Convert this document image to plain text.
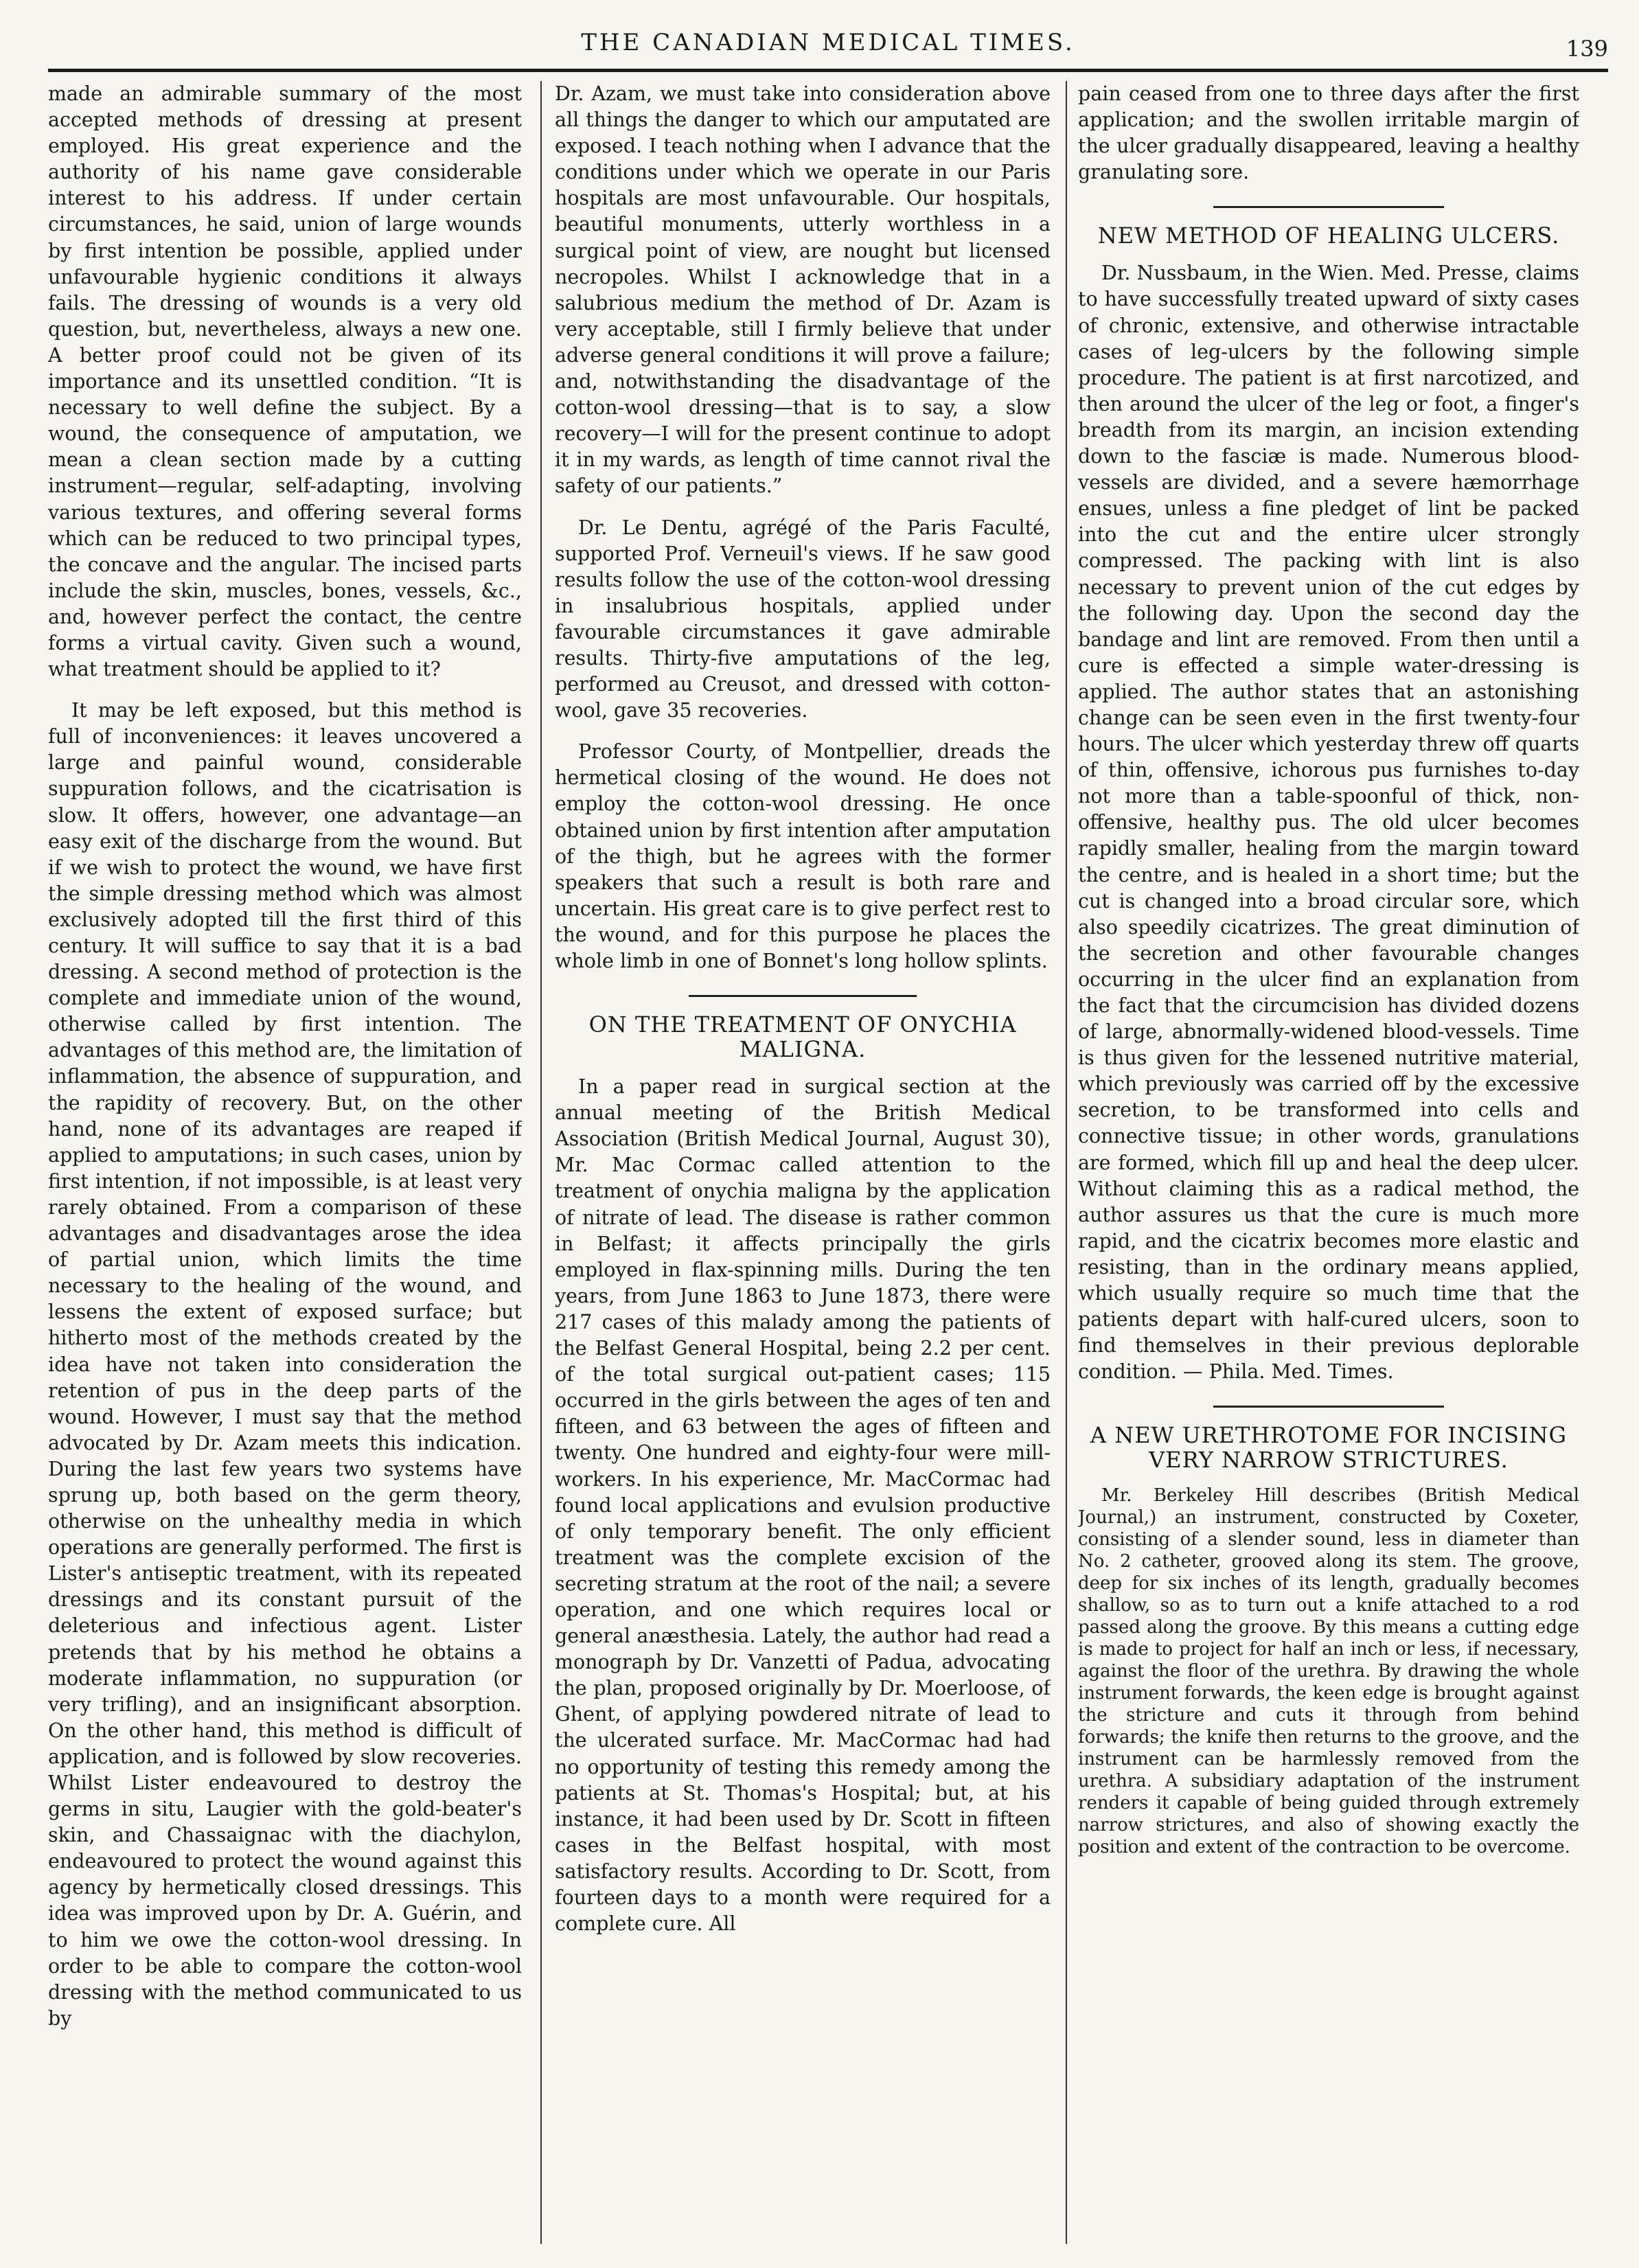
THE CANADIAN MEDICAL TIMES.	139

made an admirable summary of the most accepted methods of dressing at present employed. His great experience and the authority of his name gave considerable interest to his address. If under certain circumstances, he said, union of large wounds by first intention be possible, applied under unfavourable hygienic conditions it always fails. The dressing of wounds is a very old question, but, nevertheless, always a new one. A better proof could not be given of its importance and its unsettled condition. “It is necessary to well define the subject. By a wound, the consequence of amputation, we mean a clean section made by a cutting instrument—regular, self-adapting, involving various textures, and offering several forms which can be reduced to two principal types, the concave and the angular. The incised parts include the skin, muscles, bones, vessels, &c., and, however perfect the contact, the centre forms a virtual cavity. Given such a wound, what treatment should be applied to it?

It may be left exposed, but this method is full of inconveniences: it leaves uncovered a large and painful wound, considerable suppuration follows, and the cicatrisation is slow. It offers, however, one advantage—an easy exit of the discharge from the wound. But if we wish to protect the wound, we have first the simple dressing method which was almost exclusively adopted till the first third of this century. It will suffice to say that it is a bad dressing. A second method of protection is the complete and immediate union of the wound, otherwise called by first intention. The advantages of this method are, the limitation of inflammation, the absence of suppuration, and the rapidity of recovery. But, on the other hand, none of its advantages are reaped if applied to amputations; in such cases, union by first intention, if not impossible, is at least very rarely obtained. From a comparison of these advantages and disadvantages arose the idea of partial union, which limits the time necessary to the healing of the wound, and lessens the extent of exposed surface; but hitherto most of the methods created by the idea have not taken into consideration the retention of pus in the deep parts of the wound. However, I must say that the method advocated by Dr. Azam meets this indication. During the last few years two systems have sprung up, both based on the germ theory, otherwise on the unhealthy media in which operations are generally performed. The first is Lister's antiseptic treatment, with its repeated dressings and its constant pursuit of the deleterious and infectious agent. Lister pretends that by his method he obtains a moderate inflammation, no suppuration (or very trifling), and an insignificant absorption. On the other hand, this method is difficult of application, and is followed by slow recoveries. Whilst Lister endeavoured to destroy the germs in situ, Laugier with the gold-beater's skin, and Chassaignac with the diachylon, endeavoured to protect the wound against this agency by hermetically closed dressings. This idea was improved upon by Dr. A. Guérin, and to him we owe the cotton-wool dressing. In order to be able to compare the cotton-wool dressing with the method communicated to us by

Dr. Azam, we must take into consideration above all things the danger to which our amputated are exposed. I teach nothing when I advance that the conditions under which we operate in our Paris hospitals are most unfavourable. Our hospitals, beautiful monuments, utterly worthless in a surgical point of view, are nought but licensed necropoles. Whilst I acknowledge that in a salubrious medium the method of Dr. Azam is very acceptable, still I firmly believe that under adverse general conditions it will prove a failure; and, notwithstanding the disadvantage of the cotton-wool dressing—that is to say, a slow recovery—I will for the present continue to adopt it in my wards, as length of time cannot rival the safety of our patients.”

Dr. Le Dentu, agrégé of the Paris Faculté, supported Prof. Verneuil's views. If he saw good results follow the use of the cotton-wool dressing in insalubrious hospitals, applied under favourable circumstances it gave admirable results. Thirty-five amputations of the leg, performed au Creusot, and dressed with cotton-wool, gave 35 recoveries.

Professor Courty, of Montpellier, dreads the hermetical closing of the wound. He does not employ the cotton-wool dressing. He once obtained union by first intention after amputation of the thigh, but he agrees with the former speakers that such a result is both rare and uncertain. His great care is to give perfect rest to the wound, and for this purpose he places the whole limb in one of Bonnet's long hollow splints.

ON THE TREATMENT OF ONYCHIA MALIGNA.

In a paper read in surgical section at the annual meeting of the British Medical Association (British Medical Journal, August 30), Mr. Mac Cormac called attention to the treatment of onychia maligna by the application of nitrate of lead. The disease is rather common in Belfast; it affects principally the girls employed in flax-spinning mills. During the ten years, from June 1863 to June 1873, there were 217 cases of this malady among the patients of the Belfast General Hospital, being 2.2 per cent. of the total surgical out-patient cases; 115 occurred in the girls between the ages of ten and fifteen, and 63 between the ages of fifteen and twenty. One hundred and eighty-four were mill-workers. In his experience, Mr. MacCormac had found local applications and evulsion productive of only temporary benefit. The only efficient treatment was the complete excision of the secreting stratum at the root of the nail; a severe operation, and one which requires local or general anæsthesia. Lately, the author had read a monograph by Dr. Vanzetti of Padua, advocating the plan, proposed originally by Dr. Moerloose, of Ghent, of applying powdered nitrate of lead to the ulcerated surface. Mr. MacCormac had had no opportunity of testing this remedy among the patients at St. Thomas's Hospital; but, at his instance, it had been used by Dr. Scott in fifteen cases in the Belfast hospital, with most satisfactory results. According to Dr. Scott, from fourteen days to a month were required for a complete cure. All

pain ceased from one to three days after the first application; and the swollen irritable margin of the ulcer gradually disappeared, leaving a healthy granulating sore.

NEW METHOD OF HEALING ULCERS.

Dr. Nussbaum, in the Wien. Med. Presse, claims to have successfully treated upward of sixty cases of chronic, extensive, and otherwise intractable cases of leg-ulcers by the following simple procedure. The patient is at first narcotized, and then around the ulcer of the leg or foot, a finger's breadth from its margin, an incision extending down to the fasciæ is made. Numerous blood-vessels are divided, and a severe hæmorrhage ensues, unless a fine pledget of lint be packed into the cut and the entire ulcer strongly compressed. The packing with lint is also necessary to prevent union of the cut edges by the following day. Upon the second day the bandage and lint are removed. From then until a cure is effected a simple water-dressing is applied. The author states that an astonishing change can be seen even in the first twenty-four hours. The ulcer which yesterday threw off quarts of thin, offensive, ichorous pus furnishes to-day not more than a table-spoonful of thick, non-offensive, healthy pus. The old ulcer becomes rapidly smaller, healing from the margin toward the centre, and is healed in a short time; but the cut is changed into a broad circular sore, which also speedily cicatrizes. The great diminution of the secretion and other favourable changes occurring in the ulcer find an explanation from the fact that the circumcision has divided dozens of large, abnormally-widened blood-vessels. Time is thus given for the lessened nutritive material, which previously was carried off by the excessive secretion, to be transformed into cells and connective tissue; in other words, granulations are formed, which fill up and heal the deep ulcer. Without claiming this as a radical method, the author assures us that the cure is much more rapid, and the cicatrix becomes more elastic and resisting, than in the ordinary means applied, which usually require so much time that the patients depart with half-cured ulcers, soon to find themselves in their previous deplorable condition. — Phila. Med. Times.

A NEW URETHROTOME FOR INCISING VERY NARROW STRICTURES.

Mr. Berkeley Hill describes (British Medical Journal,) an instrument, constructed by Coxeter, consisting of a slender sound, less in diameter than No. 2 catheter, grooved along its stem. The groove, deep for six inches of its length, gradually becomes shallow, so as to turn out a knife attached to a rod passed along the groove. By this means a cutting edge is made to project for half an inch or less, if necessary, against the floor of the urethra. By drawing the whole instrument forwards, the keen edge is brought against the stricture and cuts it through from behind forwards; the knife then returns to the groove, and the instrument can be harmlessly removed from the urethra. A subsidiary adaptation of the instrument renders it capable of being guided through extremely narrow strictures, and also of showing exactly the position and extent of the contraction to be overcome.
